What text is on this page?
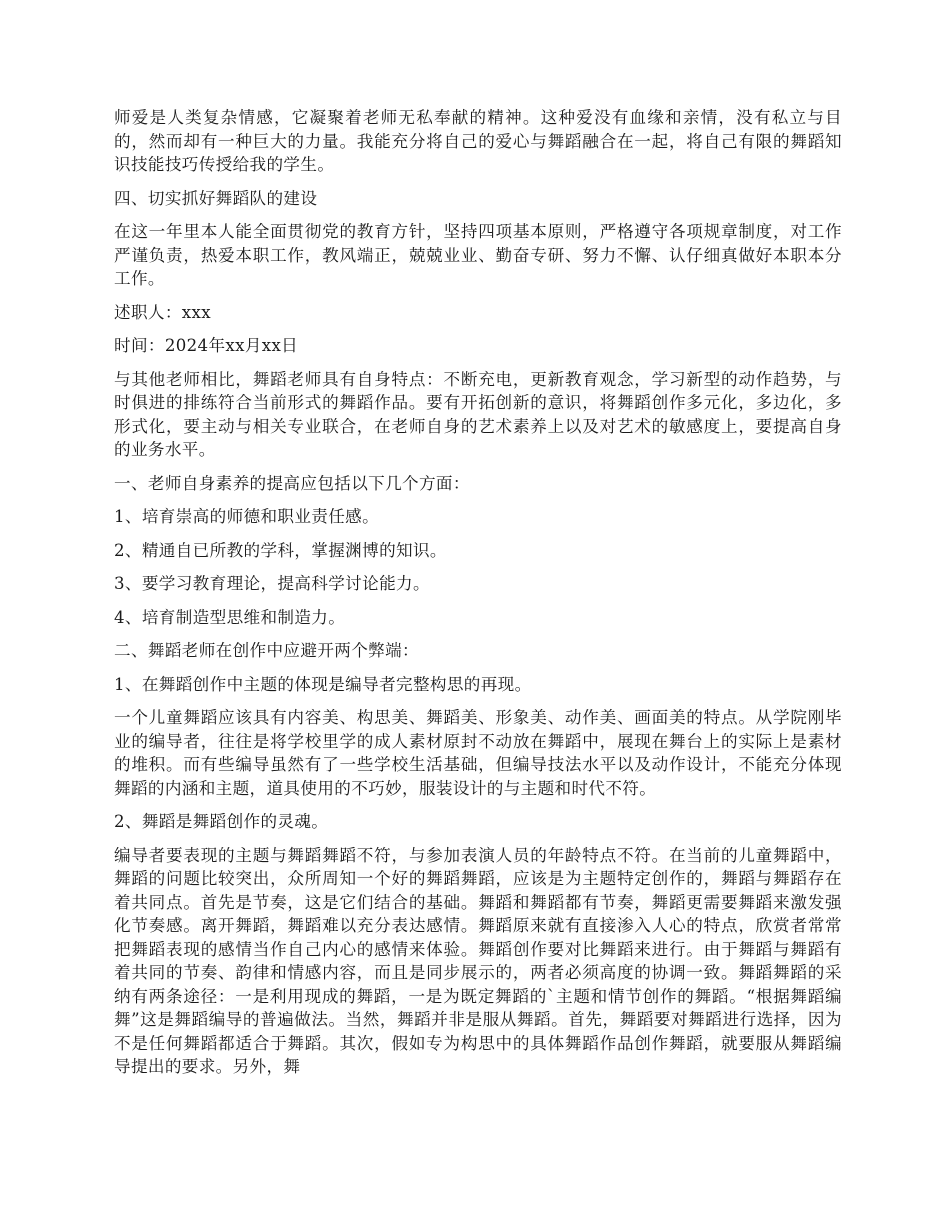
师爱是人类复杂情感，它凝聚着老师无私奉献的精神。这种爱没有血缘和亲情，没有私立与目的，然而却有一种巨大的力量。我能充分将自己的爱心与舞蹈融合在一起，将自己有限的舞蹈知识技能技巧传授给我的学生。

四、切实抓好舞蹈队的建设

在这一年里本人能全面贯彻党的教育方针，坚持四项基本原则，严格遵守各项规章制度，对工作严谨负责，热爱本职工作，教风端正，兢兢业业、勤奋专研、努力不懈、认仔细真做好本职本分工作。

述职人：xxx

时间：2024年xx月xx日

与其他老师相比，舞蹈老师具有自身特点：不断充电，更新教育观念，学习新型的动作趋势，与时俱进的排练符合当前形式的舞蹈作品。要有开拓创新的意识，将舞蹈创作多元化，多边化，多形式化，要主动与相关专业联合，在老师自身的艺术素养上以及对艺术的敏感度上，要提高自身的业务水平。

一、老师自身素养的提高应包括以下几个方面：

1、培育崇高的师德和职业责任感。

2、精通自已所教的学科，掌握渊博的知识。

3、要学习教育理论，提高科学讨论能力。

4、培育制造型思维和制造力。

二、舞蹈老师在创作中应避开两个弊端：

1、在舞蹈创作中主题的体现是编导者完整构思的再现。

一个儿童舞蹈应该具有内容美、构思美、舞蹈美、形象美、动作美、画面美的特点。从学院刚毕业的编导者，往往是将学校里学的成人素材原封不动放在舞蹈中，展现在舞台上的实际上是素材的堆积。而有些编导虽然有了一些学校生活基础，但编导技法水平以及动作设计，不能充分体现舞蹈的内涵和主题，道具使用的不巧妙，服装设计的与主题和时代不符。

2、舞蹈是舞蹈创作的灵魂。

编导者要表现的主题与舞蹈舞蹈不符，与参加表演人员的年龄特点不符。在当前的儿童舞蹈中，舞蹈的问题比较突出，众所周知一个好的舞蹈舞蹈，应该是为主题特定创作的，舞蹈与舞蹈存在着共同点。首先是节奏，这是它们结合的基础。舞蹈和舞蹈都有节奏，舞蹈更需要舞蹈来激发强化节奏感。离开舞蹈，舞蹈难以充分表达感情。舞蹈原来就有直接渗入人心的特点，欣赏者常常把舞蹈表现的感情当作自己内心的感情来体验。舞蹈创作要对比舞蹈来进行。由于舞蹈与舞蹈有着共同的节奏、韵律和情感内容，而且是同步展示的，两者必须高度的协调一致。舞蹈舞蹈的采纳有两条途径：一是利用现成的舞蹈，一是为既定舞蹈的`主题和情节创作的舞蹈。“根据舞蹈编舞”这是舞蹈编导的普遍做法。当然，舞蹈并非是服从舞蹈。首先，舞蹈要对舞蹈进行选择，因为不是任何舞蹈都适合于舞蹈。其次，假如专为构思中的具体舞蹈作品创作舞蹈，就要服从舞蹈编导提出的要求。另外，舞
